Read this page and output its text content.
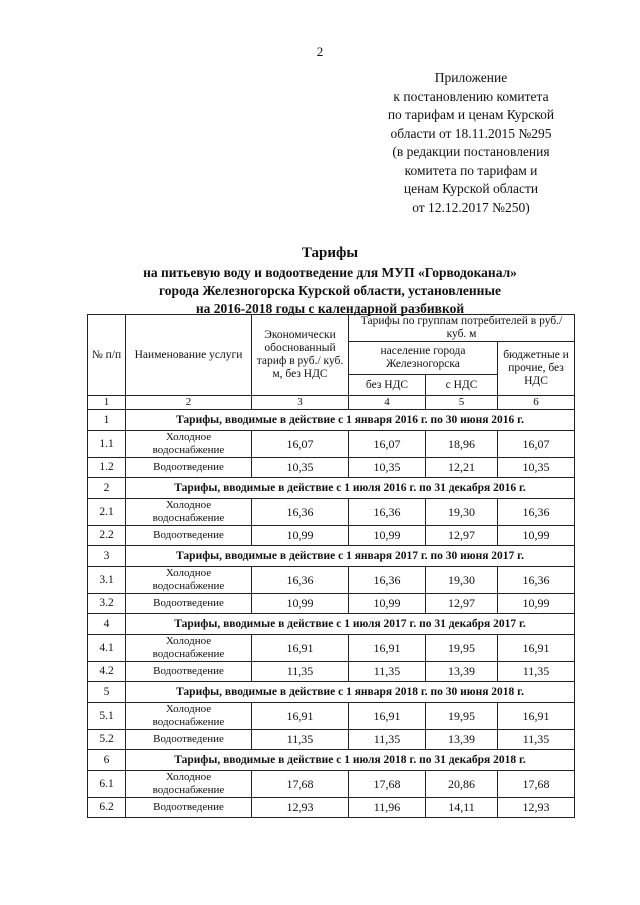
2
Приложение
к постановлению комитета
по тарифам и ценам Курской
области от 18.11.2015 №295
(в редакции постановления
комитета по тарифам и
ценам Курской области
от 12.12.2017 №250)
Тарифы
на питьевую воду и водоотведение для МУП «Горводоканал»
города Железногорска Курской области, установленные
на 2016-2018 годы с календарной разбивкой
№ п/п	Наименование услуги	Экономически обоснованный тариф в руб./ куб. м, без НДС	Тарифы по группам потребителей в руб./ куб. м		
			население города Железногорска		бюджетные и прочие, без НДС
			без НДС	с НДС	
1	2	3	4	5	6
1	Тарифы, вводимые в действие с 1 января 2016 г. по 30 июня 2016 г.				
1.1	Холодное водоснабжение	16,07	16,07	18,96	16,07
1.2	Водоотведение	10,35	10,35	12,21	10,35
2	Тарифы, вводимые в действие с 1 июля 2016 г. по 31 декабря 2016 г.				
2.1	Холодное водоснабжение	16,36	16,36	19,30	16,36
2.2	Водоотведение	10,99	10,99	12,97	10,99
3	Тарифы, вводимые в действие с 1 января 2017 г. по 30 июня 2017 г.				
3.1	Холодное водоснабжение	16,36	16,36	19,30	16,36
3.2	Водоотведение	10,99	10,99	12,97	10,99
4	Тарифы, вводимые в действие с 1 июля 2017 г. по 31 декабря 2017 г.				
4.1	Холодное водоснабжение	16,91	16,91	19,95	16,91
4.2	Водоотведение	11,35	11,35	13,39	11,35
5	Тарифы, вводимые в действие с 1 января 2018 г. по 30 июня 2018 г.				
5.1	Холодное водоснабжение	16,91	16,91	19,95	16,91
5.2	Водоотведение	11,35	11,35	13,39	11,35
6	Тарифы, вводимые в действие с 1 июля 2018 г. по 31 декабря 2018 г.				
6.1	Холодное водоснабжение	17,68	17,68	20,86	17,68
6.2	Водоотведение	12,93	11,96	14,11	12,93
